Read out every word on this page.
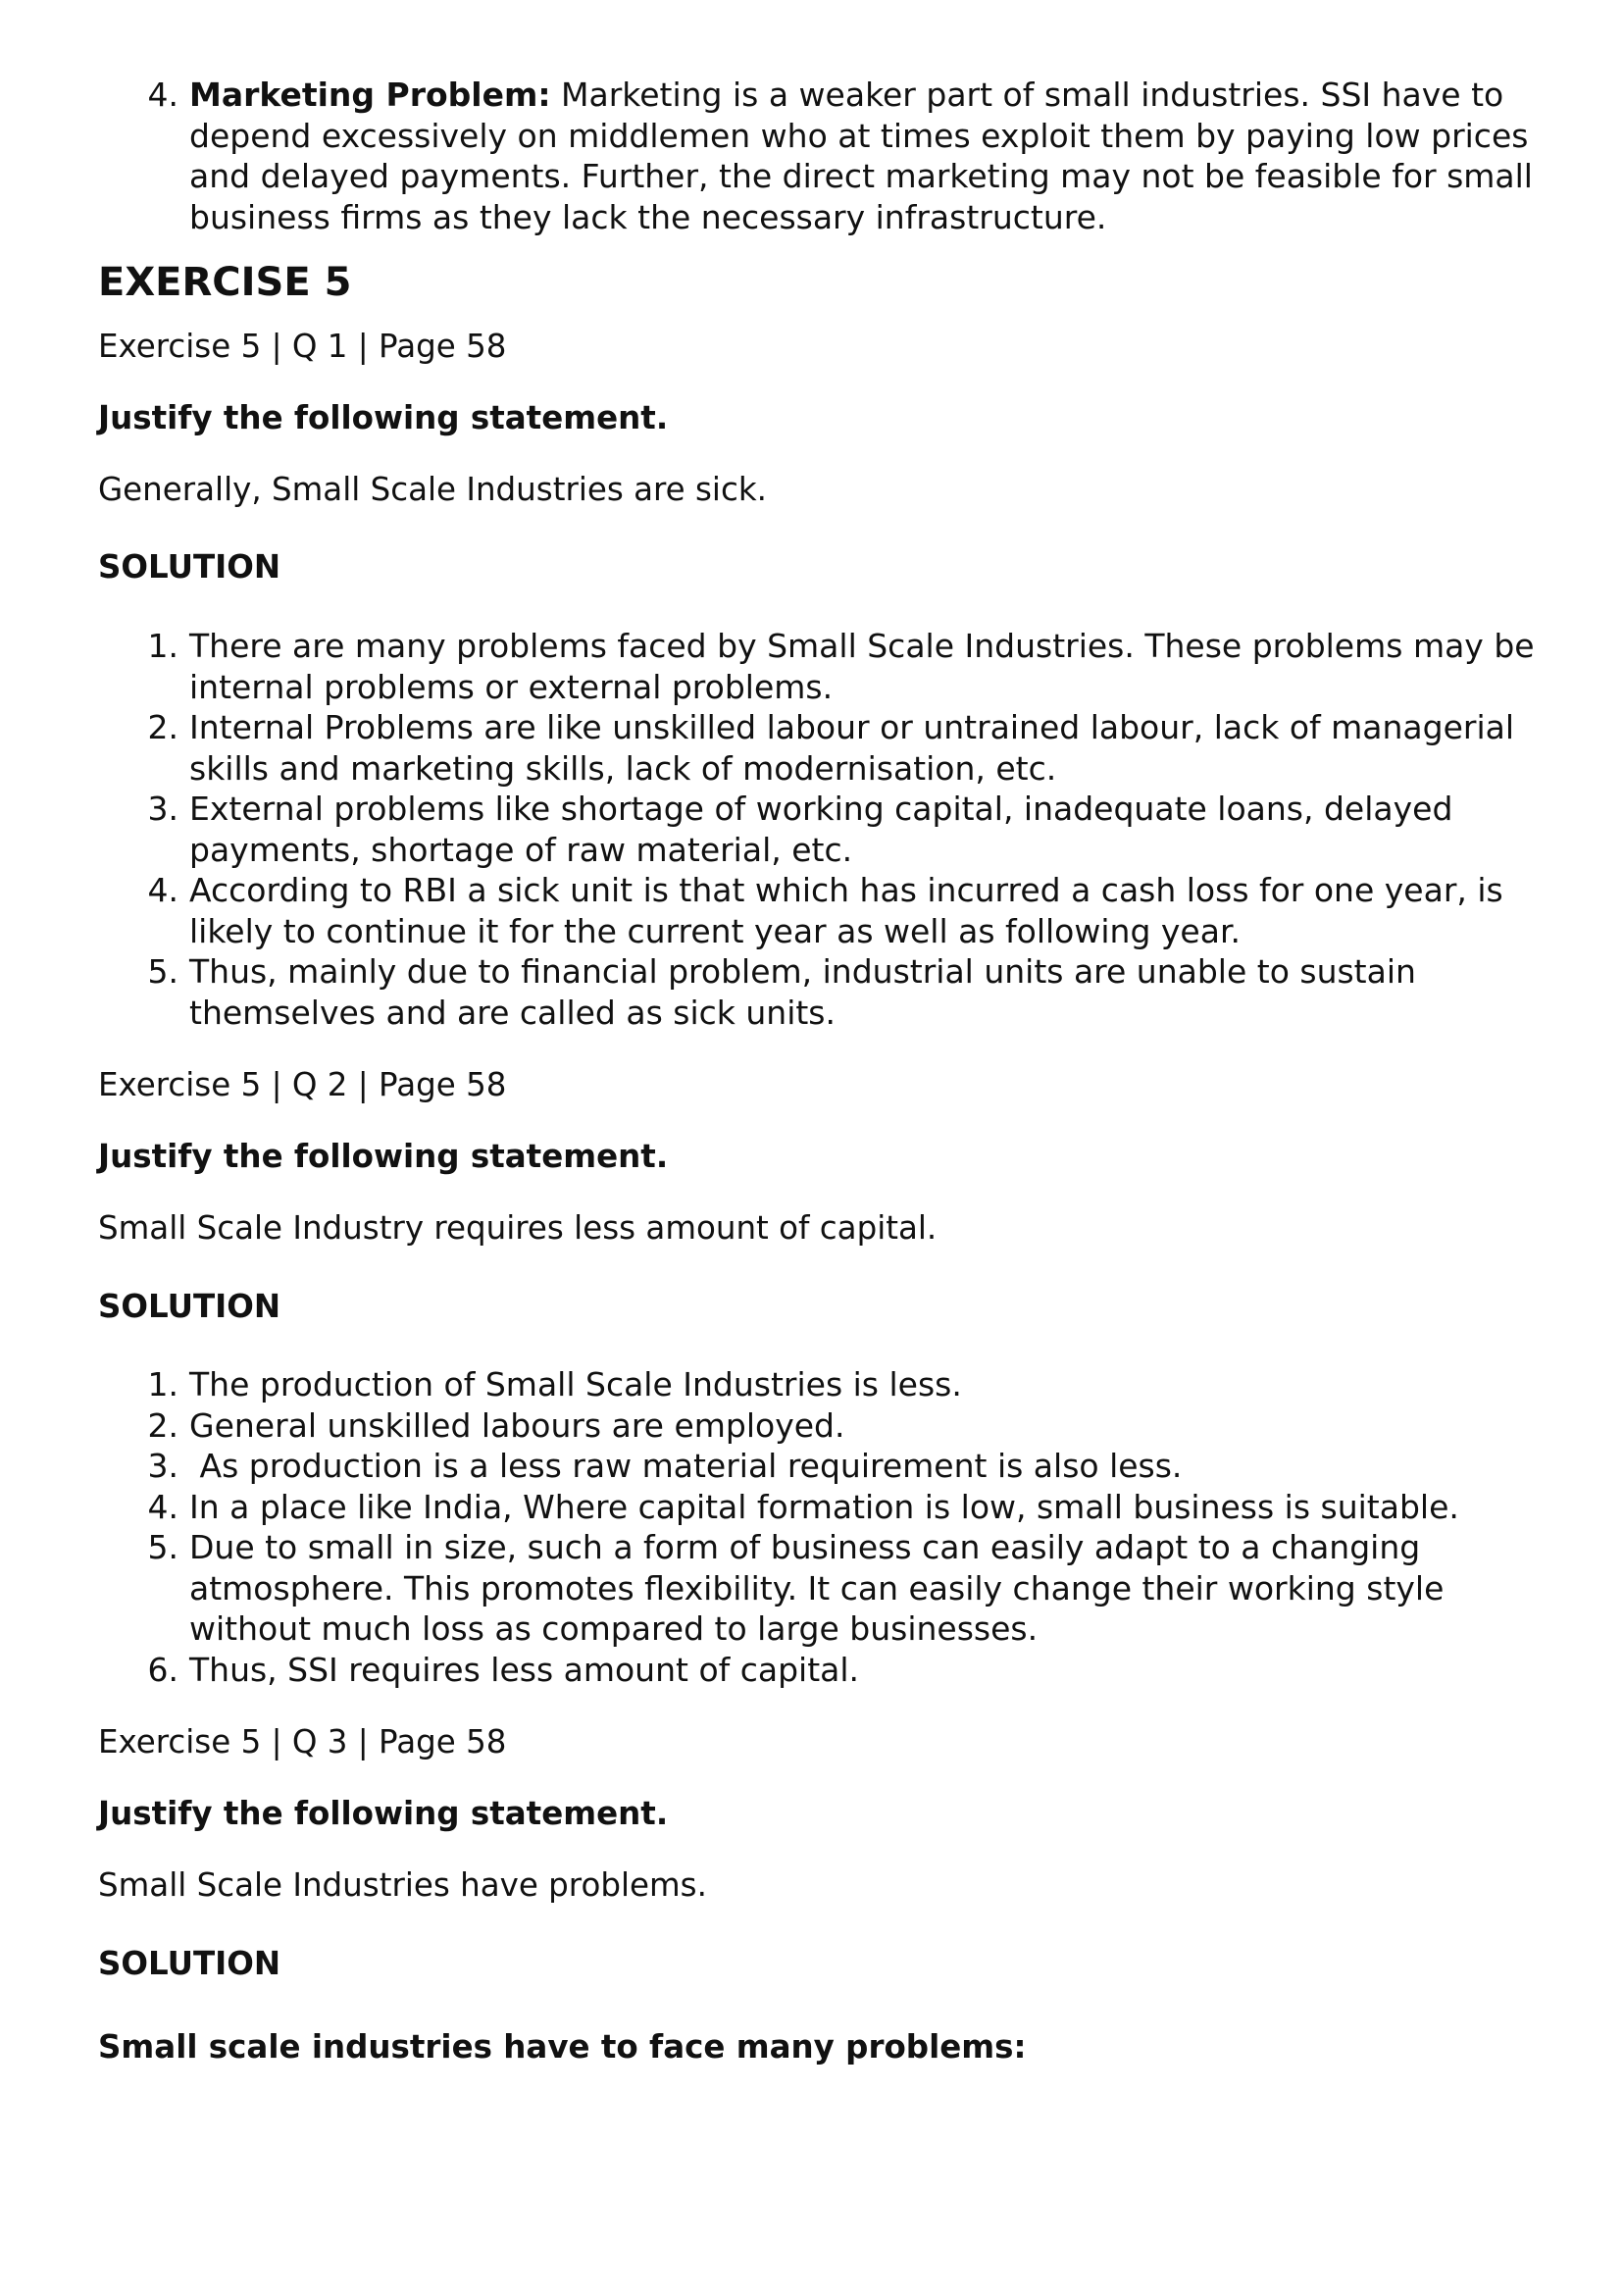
4. Marketing Problem: Marketing is a weaker part of small industries. SSI have to
depend excessively on middlemen who at times exploit them by paying low prices
and delayed payments. Further, the direct marketing may not be feasible for small
business firms as they lack the necessary infrastructure.
EXERCISE 5

Exercise 5 | Q 1 | Page 58

Justify the following statement.

Generally, Small Scale Industries are sick.

SOLUTION

1. There are many problems faced by Small Scale Industries. These problems may be
internal problems or external problems.
2. Internal Problems are like unskilled labour or untrained labour, lack of managerial
skills and marketing skills, lack of modernisation, etc.
3. External problems like shortage of working capital, inadequate loans, delayed
payments, shortage of raw material, etc.
4. According to RBI a sick unit is that which has incurred a cash loss for one year, is
likely to continue it for the current year as well as following year.
5. Thus, mainly due to financial problem, industrial units are unable to sustain
themselves and are called as sick units.

Exercise 5 | Q 2 | Page 58

Justify the following statement.

Small Scale Industry requires less amount of capital.

SOLUTION

1. The production of Small Scale Industries is less.
2. General unskilled labours are employed.
3. As production is a less raw material requirement is also less.
4. In a place like India, Where capital formation is low, small business is suitable.
5. Due to small in size, such a form of business can easily adapt to a changing
atmosphere. This promotes flexibility. It can easily change their working style
without much loss as compared to large businesses.
6. Thus, SSI requires less amount of capital.

Exercise 5 | Q 3 | Page 58

Justify the following statement.

Small Scale Industries have problems.

SOLUTION

Small scale industries have to face many problems:
